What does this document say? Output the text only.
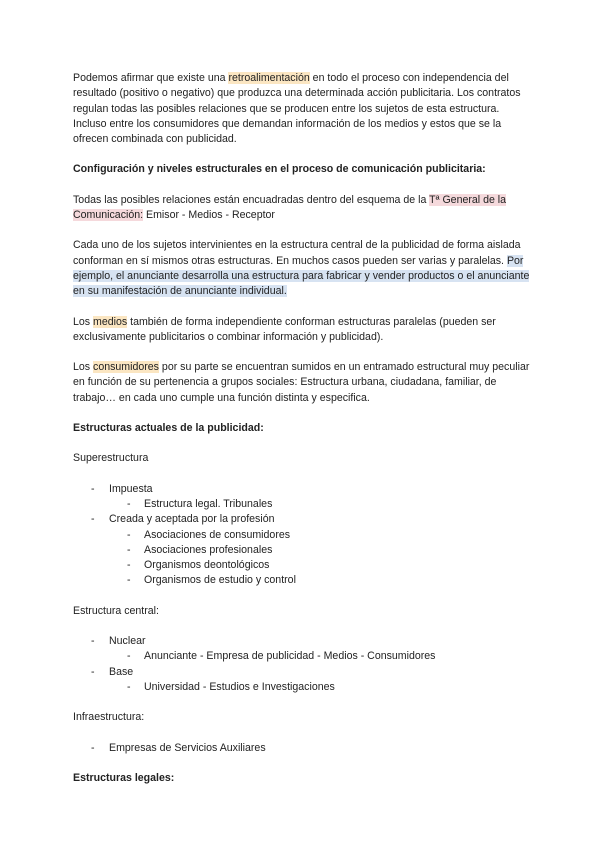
Podemos afirmar que existe una retroalimentación en todo el proceso con independencia del resultado (positivo o negativo) que produzca una determinada acción publicitaria. Los contratos regulan todas las posibles relaciones que se producen entre los sujetos de esta estructura. Incluso entre los consumidores que demandan información de los medios y estos que se la ofrecen combinada con publicidad.

Configuración y niveles estructurales en el proceso de comunicación publicitaria:

Todas las posibles relaciones están encuadradas dentro del esquema de la Tª General de la Comunicación: Emisor - Medios - Receptor

Cada uno de los sujetos intervinientes en la estructura central de la publicidad de forma aislada conforman en sí mismos otras estructuras. En muchos casos pueden ser varias y paralelas. Por ejemplo, el anunciante desarrolla una estructura para fabricar y vender productos o el anunciante en su manifestación de anunciante individual.

Los medios también de forma independiente conforman estructuras paralelas (pueden ser exclusivamente publicitarios o combinar información y publicidad).

Los consumidores por su parte se encuentran sumidos en un entramado estructural muy peculiar en función de su pertenencia a grupos sociales: Estructura urbana, ciudadana, familiar, de trabajo… en cada uno cumple una función distinta y especifica.

Estructuras actuales de la publicidad:

Superestructura

- Impuesta
- Estructura legal. Tribunales
- Creada y aceptada por la profesión
- Asociaciones de consumidores
- Asociaciones profesionales
- Organismos deontológicos
- Organismos de estudio y control

Estructura central:

- Nuclear
- Anunciante - Empresa de publicidad - Medios - Consumidores
- Base
- Universidad - Estudios e Investigaciones

Infraestructura:

- Empresas de Servicios Auxiliares

Estructuras legales:
